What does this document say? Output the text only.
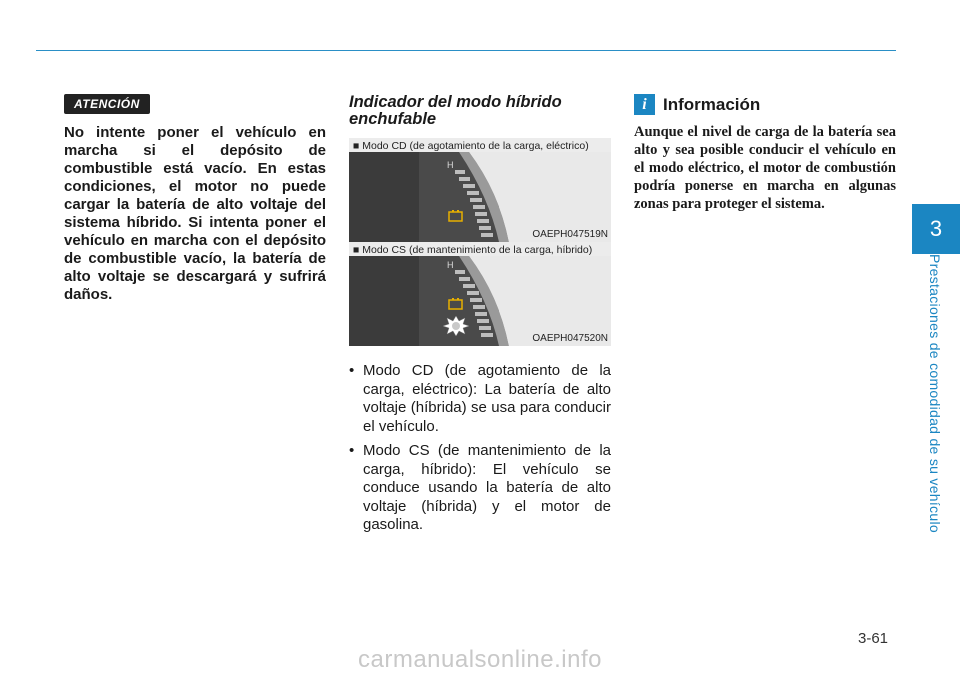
3
Prestaciones de comodidad de su vehículo
ATENCIÓN
No intente poner el vehículo en marcha si el depósito de combustible está vacío. En estas condiciones, el motor no puede cargar la batería de alto voltaje del sistema híbrido. Si intenta poner el vehículo en marcha con el depósito de combustible vacío, la batería de alto voltaje se descargará y sufrirá daños.
Indicador del modo híbrido enchufable
■ Modo CD (de agotamiento de la carga, eléctrico)
H
OAEPH047519N
■ Modo CS (de mantenimiento de la carga, híbrido)
H
OAEPH047520N
• Modo CD (de agotamiento de la carga, eléctrico): La batería de alto voltaje (híbrida) se usa para conducir el vehículo.
• Modo CS (de mantenimiento de la carga, híbrido): El vehículo se conduce usando la batería de alto voltaje (híbrida) y el motor de gasolina.
i Información
Aunque el nivel de carga de la batería sea alto y sea posible conducir el vehículo en el modo eléctrico, el motor de combustión podría ponerse en marcha en algunas zonas para proteger el sistema.
3-61
carmanualsonline.info
